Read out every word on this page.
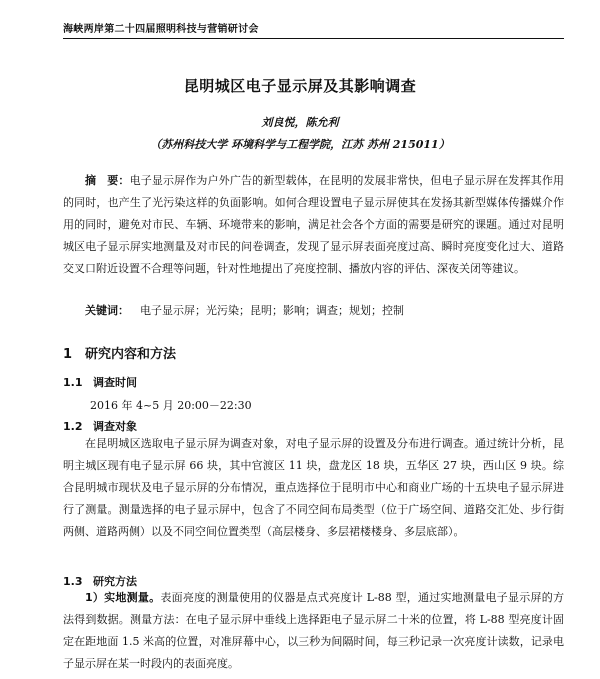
海峡两岸第二十四届照明科技与营销研讨会
昆明城区电子显示屏及其影响调查
刘良悦，陈允利
（苏州科技大学 环境科学与工程学院，江苏 苏州 215011）
摘　要：电子显示屏作为户外广告的新型载体，在昆明的发展非常快，但电子显示屏在发挥其作用的同时，也产生了光污染这样的负面影响。如何合理设置电子显示屏使其在发扬其新型媒体传播媒介作用的同时，避免对市民、车辆、环境带来的影响，满足社会各个方面的需要是研究的课题。通过对昆明城区电子显示屏实地测量及对市民的问卷调查，发现了显示屏表面亮度过高、瞬时亮度变化过大、道路交叉口附近设置不合理等问题，针对性地提出了亮度控制、播放内容的评估、深夜关闭等建议。
关键词：  电子显示屏；光污染；昆明；影响；调查；规划；控制
1　研究内容和方法
1.1 调查时间
2016 年 4~5 月 20:00－22:30
1.2 调查对象
在昆明城区选取电子显示屏为调查对象，对电子显示屏的设置及分布进行调查。通过统计分析，昆明主城区现有电子显示屏 66 块，其中官渡区 11 块，盘龙区 18 块，五华区 27 块，西山区 9 块。综合昆明城市现状及电子显示屏的分布情况，重点选择位于昆明市中心和商业广场的十五块电子显示屏进行了测量。测量选择的电子显示屏中，包含了不同空间布局类型（位于广场空间、道路交汇处、步行街两侧、道路两侧）以及不同空间位置类型（高层楼身、多层裙楼楼身、多层底部）。
1.3 研究方法
1）实地测量。表面亮度的测量使用的仪器是点式亮度计 L-88 型，通过实地测量电子显示屏的方法得到数据。测量方法：在电子显示屏中垂线上选择距电子显示屏二十米的位置，将 L-88 型亮度计固定在距地面 1.5 米高的位置，对准屏幕中心，以三秒为间隔时间，每三秒记录一次亮度计读数，记录电子显示屏在某一时段内的表面亮度。
